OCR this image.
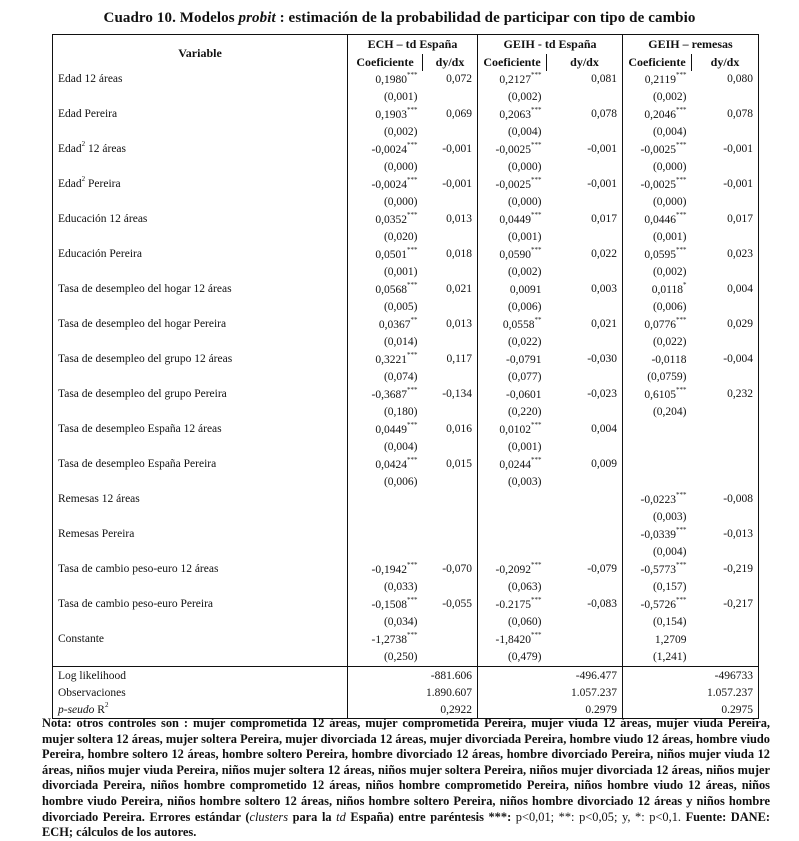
Cuadro 10. Modelos probit : estimación de la probabilidad de participar con tipo de cambio
Variable	ECH – td España		GEIH - td España		GEIH – remesas	
	Coeficiente	dy/dx	Coeficiente	dy/dx	Coeficiente	dy/dx
Edad 12 áreas	0,1980***	0,072	0,2127***	0,081	0,2119***	0,080
	(0,001)		(0,002)		(0,002)	
Edad Pereira	0,1903***	0,069	0,2063***	0,078	0,2046***	0,078
	(0,002)		(0,004)		(0,004)	
Edad$^2$ 12 áreas	-0,0024***	-0,001	-0,0025***	-0,001	-0,0025***	-0,001
	(0,000)		(0,000)		(0,000)	
Edad$^2$ Pereira	-0,0024***	-0,001	-0,0025***	-0,001	-0,0025***	-0,001
	(0,000)		(0,000)		(0,000)	
Educación 12 áreas	0,0352***	0,013	0,0449***	0,017	0,0446***	0,017
	(0,020)		(0,001)		(0,001)	
Educación Pereira	0,0501***	0,018	0,0590***	0,022	0,0595***	0,023
	(0,001)		(0,002)		(0,002)	
Tasa de desempleo del hogar 12 áreas	0,0568***	0,021	0,0091	0,003	0,0118*	0,004
	(0,005)		(0,006)		(0,006)	
Tasa de desempleo del hogar Pereira	0,0367**	0,013	0,0558**	0,021	0,0776***	0,029
	(0,014)		(0,022)		(0,022)	
Tasa de desempleo del grupo 12 áreas	0,3221***	0,117	-0,0791	-0,030	-0,0118	-0,004
	(0,074)		(0,077)		(0,0759)	
Tasa de desempleo del grupo Pereira	-0,3687***	-0,134	-0,0601	-0,023	0,6105***	0,232
	(0,180)		(0,220)		(0,204)	
Tasa de desempleo España 12 áreas	0,0449***	0,016	0,0102***	0,004		
	(0,004)		(0,001)			
Tasa de desempleo España Pereira	0,0424***	0,015	0,0244***	0,009		
	(0,006)		(0,003)			
Remesas 12 áreas					-0,0223***	-0,008
					(0,003)	
Remesas Pereira					-0,0339***	-0,013
					(0,004)	
Tasa de cambio peso-euro 12 áreas	-0,1942***	-0,070	-0,2092***	-0,079	-0,5773***	-0,219
	(0,033)		(0,063)		(0,157)	
Tasa de cambio peso-euro Pereira	-0,1508***	-0,055	-0.2175***	-0,083	-0,5726***	-0,217
	(0,034)		(0,060)		(0,154)	
Constante	-1,2738***		-1,8420***		1,2709	
	(0,250)		(0,479)		(1,241)	
Log likelihood	-881.606		-496.477		-496733	
Observaciones	1.890.607		1.057.237		1.057.237	
p-seudo $R^2$	0,2922		0.2979		0.2975	
Nota: otros controles son : mujer comprometida 12 áreas, mujer comprometida Pereira, mujer viuda 12 áreas, mujer viuda Pereira, mujer soltera 12 áreas, mujer soltera Pereira, mujer divorciada 12 áreas, mujer divorciada Pereira, hombre viudo 12 áreas, hombre viudo Pereira, hombre soltero 12 áreas, hombre soltero Pereira, hombre divorciado 12 áreas, hombre divorciado Pereira, niños mujer viuda 12 áreas, niños mujer viuda Pereira, niños mujer soltera 12 áreas, niños mujer soltera Pereira, niños mujer divorciada 12 áreas, niños mujer divorciada Pereira, niños hombre comprometido 12 áreas, niños hombre comprometido Pereira, niños hombre viudo 12 áreas, niños hombre viudo Pereira, niños hombre soltero 12 áreas, niños hombre soltero Pereira, niños hombre divorciado 12 áreas y niños hombre divorciado Pereira. Errores estándar (clusters para la td España) entre paréntesis ***: p<0,01; **: p<0,05; y, *: p<0,1. Fuente: DANE: ECH; cálculos de los autores.
